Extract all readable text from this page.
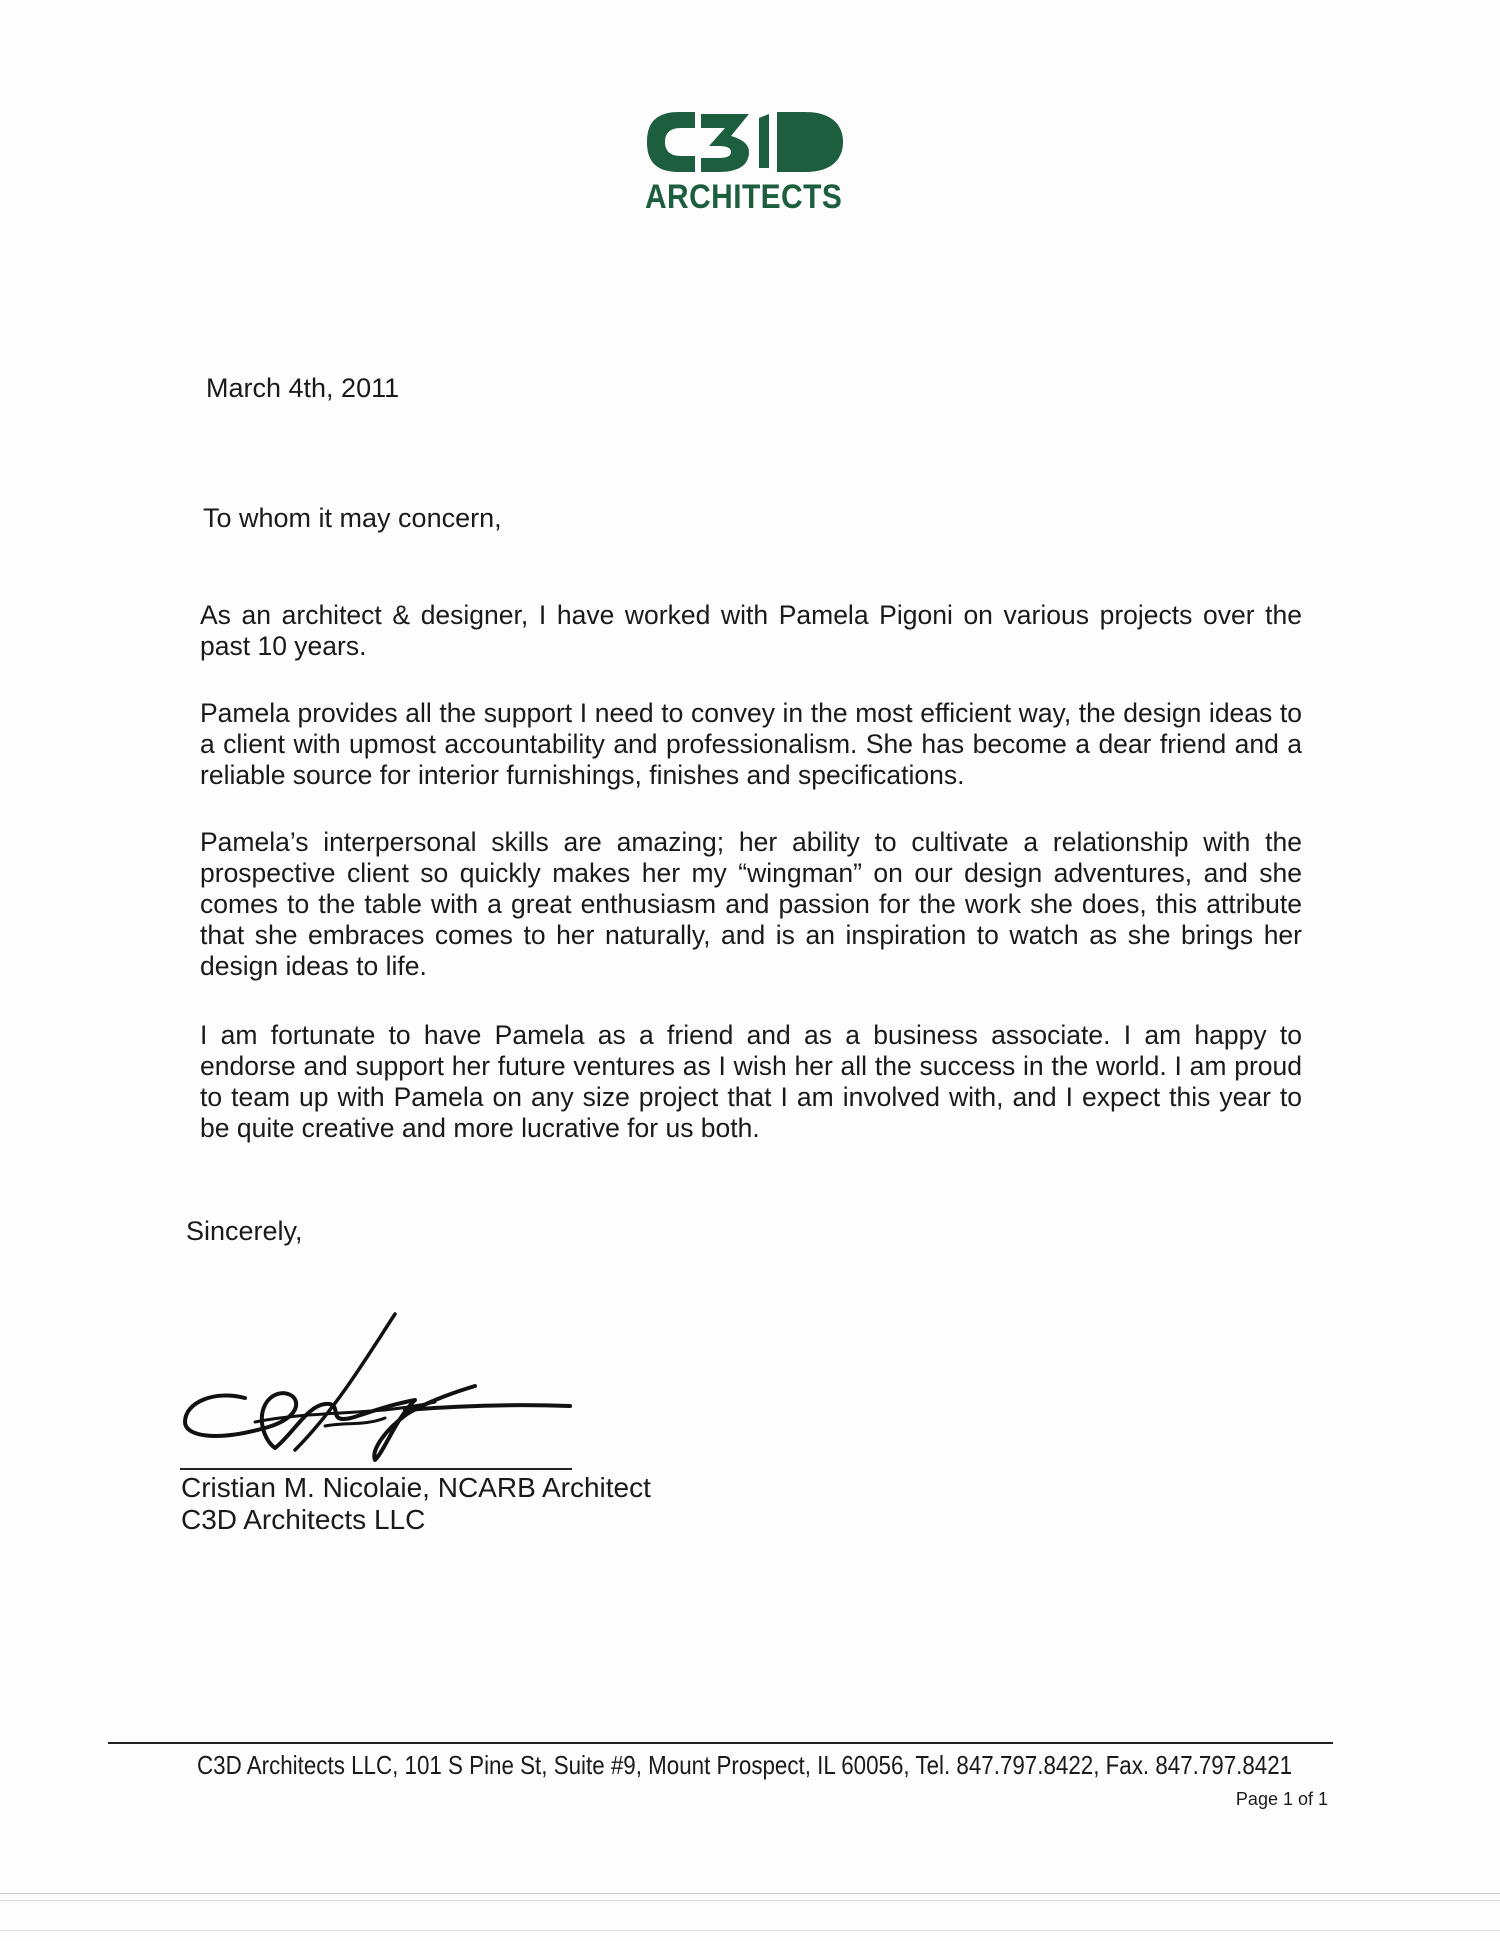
ARCHITECTS
March 4th, 2011
To whom it may concern,

As an architect & designer, I have worked with Pamela Pigoni on various projects over the past 10 years.

Pamela provides all the support I need to convey in the most efficient way, the design ideas to a client with upmost accountability and professionalism. She has become a dear friend and a reliable source for interior furnishings, finishes and specifications.

Pamela’s interpersonal skills are amazing; her ability to cultivate a relationship with the prospective client so quickly makes her my “wingman” on our design adventures, and she comes to the table with a great enthusiasm and passion for the work she does, this attribute that she embraces comes to her naturally, and is an inspiration to watch as she brings her design ideas to life.

I am fortunate to have Pamela as a friend and as a business associate. I am happy to endorse and support her future ventures as I wish her all the success in the world. I am proud to team up with Pamela on any size project that I am involved with, and I expect this year to be quite creative and more lucrative for us both.

Sincerely,
Cristian M. Nicolaie, NCARB Architect
C3D Architects LLC
C3D Architects LLC, 101 S Pine St, Suite #9, Mount Prospect, IL 60056, Tel. 847.797.8422, Fax. 847.797.8421
Page 1 of 1
